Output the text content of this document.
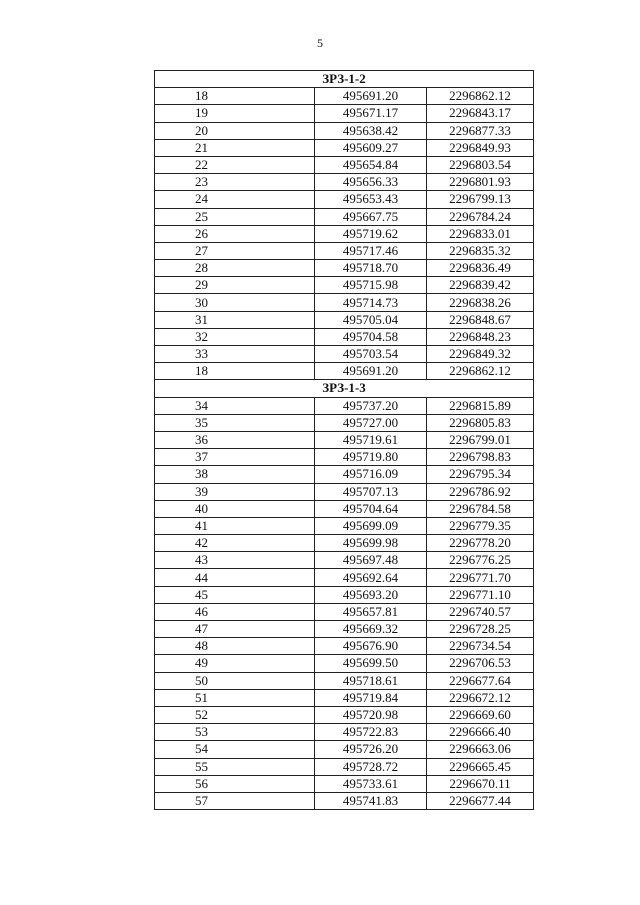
5
ЗРЗ-1-2		
18	495691.20	2296862.12
19	495671.17	2296843.17
20	495638.42	2296877.33
21	495609.27	2296849.93
22	495654.84	2296803.54
23	495656.33	2296801.93
24	495653.43	2296799.13
25	495667.75	2296784.24
26	495719.62	2296833.01
27	495717.46	2296835.32
28	495718.70	2296836.49
29	495715.98	2296839.42
30	495714.73	2296838.26
31	495705.04	2296848.67
32	495704.58	2296848.23
33	495703.54	2296849.32
18	495691.20	2296862.12
ЗРЗ-1-3		
34	495737.20	2296815.89
35	495727.00	2296805.83
36	495719.61	2296799.01
37	495719.80	2296798.83
38	495716.09	2296795.34
39	495707.13	2296786.92
40	495704.64	2296784.58
41	495699.09	2296779.35
42	495699.98	2296778.20
43	495697.48	2296776.25
44	495692.64	2296771.70
45	495693.20	2296771.10
46	495657.81	2296740.57
47	495669.32	2296728.25
48	495676.90	2296734.54
49	495699.50	2296706.53
50	495718.61	2296677.64
51	495719.84	2296672.12
52	495720.98	2296669.60
53	495722.83	2296666.40
54	495726.20	2296663.06
55	495728.72	2296665.45
56	495733.61	2296670.11
57	495741.83	2296677.44
